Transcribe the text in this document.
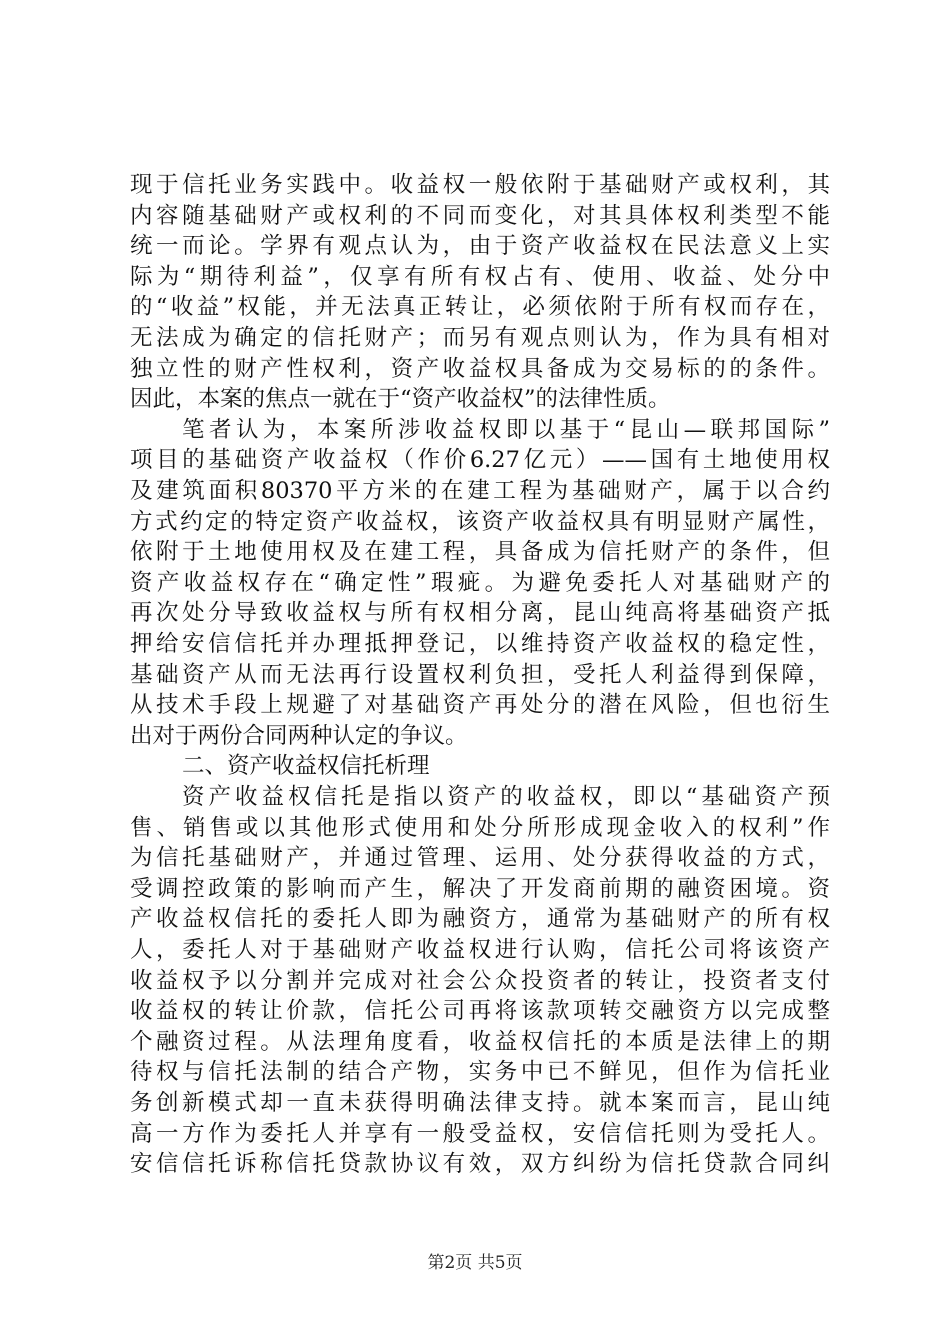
现于信托业务实践中。收益权一般依附于基础财产或权利，其
内容随基础财产或权利的不同而变化，对其具体权利类型不能
统一而论。学界有观点认为，由于资产收益权在民法意义上实
际为“期待利益”，仅享有所有权占有、使用、收益、处分中
的“收益”权能，并无法真正转让，必须依附于所有权而存在，
无法成为确定的信托财产；而另有观点则认为，作为具有相对
独立性的财产性权利，资产收益权具备成为交易标的的条件。
因此，本案的焦点一就在于“资产收益权”的法律性质。
笔者认为，本案所涉收益权即以基于“昆山—联邦国际”
项目的基础资产收益权（作价6.27亿元）——国有土地使用权
及建筑面积80370平方米的在建工程为基础财产，属于以合约
方式约定的特定资产收益权，该资产收益权具有明显财产属性，
依附于土地使用权及在建工程，具备成为信托财产的条件，但
资产收益权存在“确定性”瑕疵。为避免委托人对基础财产的
再次处分导致收益权与所有权相分离，昆山纯高将基础资产抵
押给安信信托并办理抵押登记，以维持资产收益权的稳定性，
基础资产从而无法再行设置权利负担，受托人利益得到保障，
从技术手段上规避了对基础资产再处分的潜在风险，但也衍生
出对于两份合同两种认定的争议。
二、资产收益权信托析理
资产收益权信托是指以资产的收益权，即以“基础资产预
售、销售或以其他形式使用和处分所形成现金收入的权利”作
为信托基础财产，并通过管理、运用、处分获得收益的方式，
受调控政策的影响而产生，解决了开发商前期的融资困境。资
产收益权信托的委托人即为融资方，通常为基础财产的所有权
人，委托人对于基础财产收益权进行认购，信托公司将该资产
收益权予以分割并完成对社会公众投资者的转让，投资者支付
收益权的转让价款，信托公司再将该款项转交融资方以完成整
个融资过程。从法理角度看，收益权信托的本质是法律上的期
待权与信托法制的结合产物，实务中已不鲜见，但作为信托业
务创新模式却一直未获得明确法律支持。就本案而言，昆山纯
高一方作为委托人并享有一般受益权，安信信托则为受托人。
安信信托诉称信托贷款协议有效，双方纠纷为信托贷款合同纠
第2页 共5页
